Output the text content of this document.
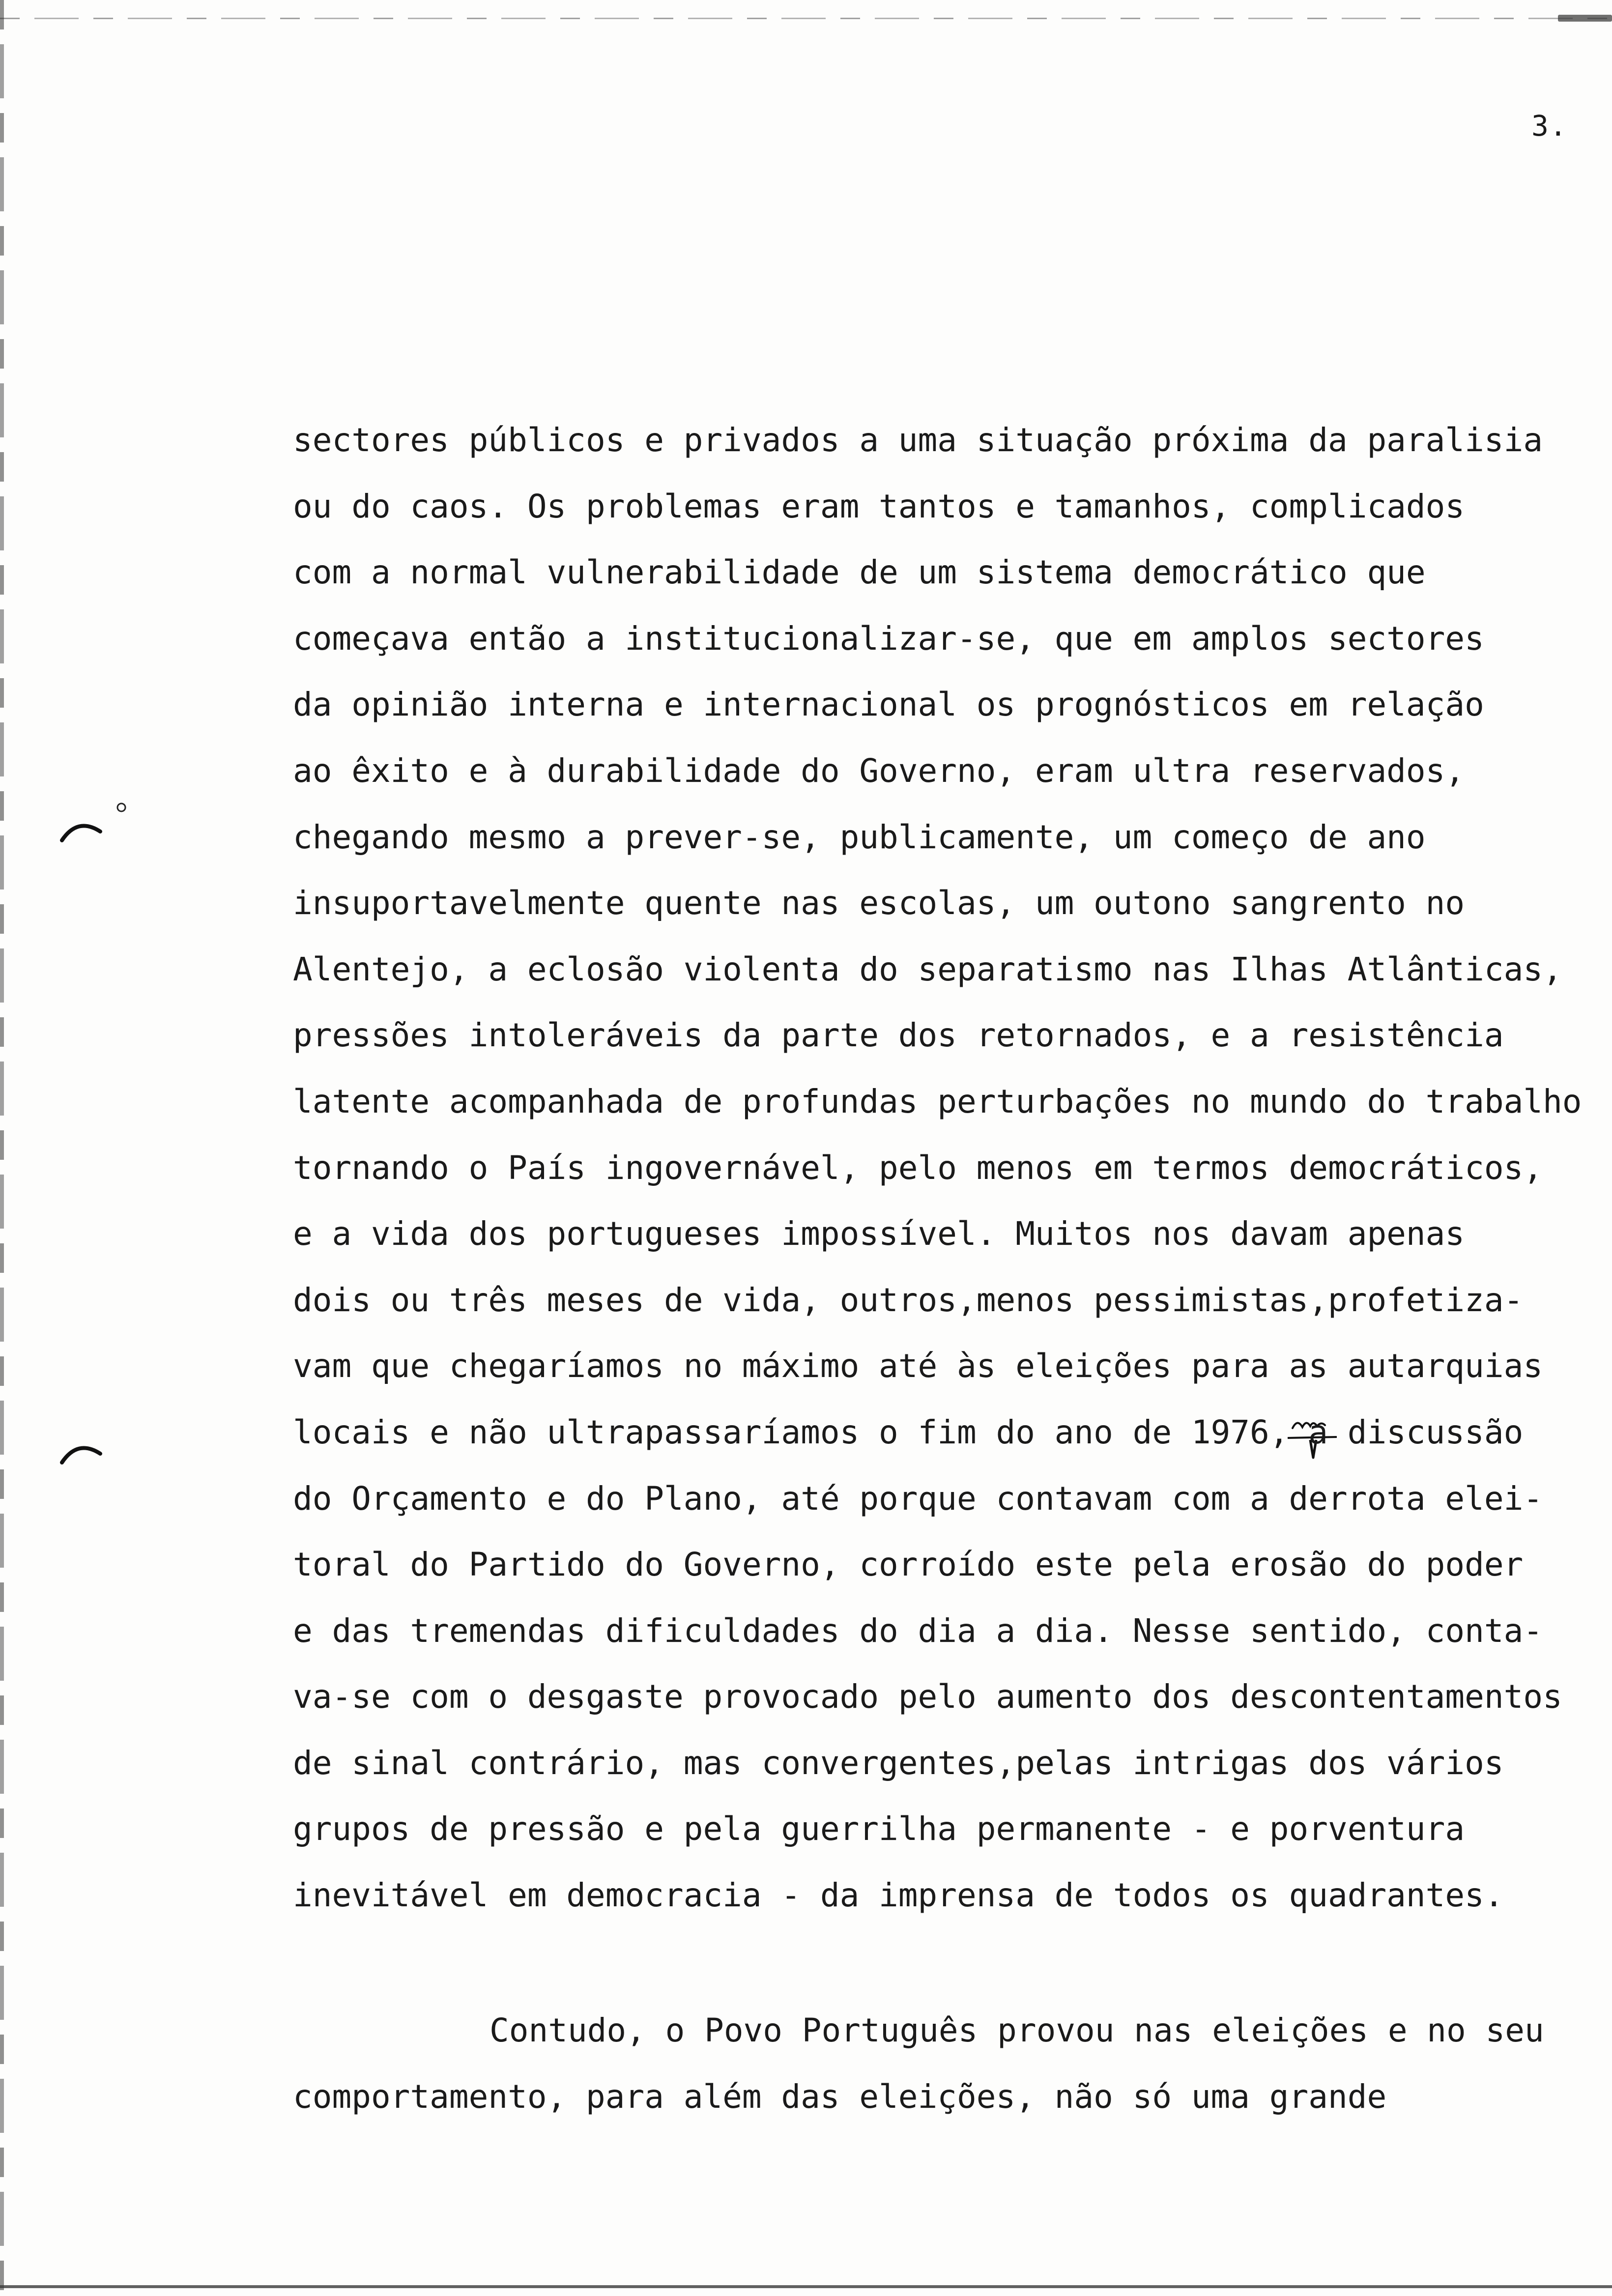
3.
sectores públicos e privados a uma situação próxima da paralisia
ou do caos. Os problemas eram tantos e tamanhos, complicados
com a normal vulnerabilidade de um sistema democrático que
começava então a institucionalizar-se, que em amplos sectores
da opinião interna e internacional os prognósticos em relação
ao êxito e à durabilidade do Governo, eram ultra reservados,
chegando mesmo a prever-se, publicamente, um começo de ano
insuportavelmente quente nas escolas, um outono sangrento no
Alentejo, a eclosão violenta do separatismo nas Ilhas Atlânticas,
pressões intoleráveis da parte dos retornados, e a resistência
latente acompanhada de profundas perturbações no mundo do trabalho
tornando o País ingovernável, pelo menos em termos democráticos,
e a vida dos portugueses impossível. Muitos nos davam apenas
dois ou três meses de vida, outros,menos pessimistas,profetiza-
vam que chegaríamos no máximo até às eleições para as autarquias
locais e não ultrapassaríamos o fim do ano de 1976, a discussão
do Orçamento e do Plano, até porque contavam com a derrota elei-
toral do Partido do Governo, corroído este pela erosão do poder
e das tremendas dificuldades do dia a dia. Nesse sentido, conta-
va-se com o desgaste provocado pelo aumento dos descontentamentos
de sinal contrário, mas convergentes,pelas intrigas dos vários
grupos de pressão e pela guerrilha permanente - e porventura
inevitável em democracia - da imprensa de todos os quadrantes.
Contudo, o Povo Português provou nas eleições e no seu
comportamento, para além das eleições, não só uma grande
